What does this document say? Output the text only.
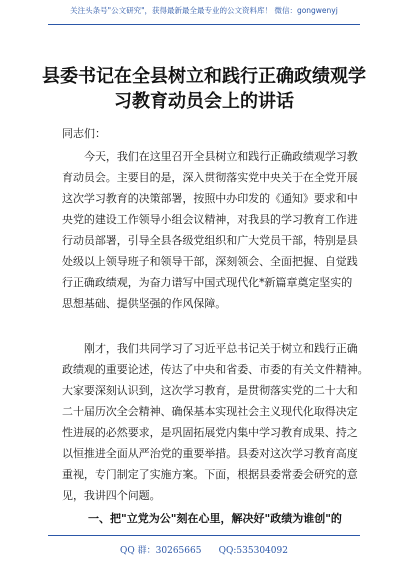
关注头条号"公文研究"，获得最新最全最专业的公文资料库！ 微信：gongwenyj
县委书记在全县树立和践行正确政绩观学
习教育动员会上的讲话
同志们：
今天，我们在这里召开全县树立和践行正确政绩观学习教
育动员会。主要目的是，深入贯彻落实党中央关于在全党开展
这次学习教育的决策部署，按照中办印发的《通知》要求和中
央党的建设工作领导小组会议精神，对我县的学习教育工作进
行动员部署，引导全县各级党组织和广大党员干部，特别是县
处级以上领导班子和领导干部，深刻领会、全面把握、自觉践
行正确政绩观，为奋力谱写中国式现代化*新篇章奠定坚实的
思想基础、提供坚强的作风保障。
刚才，我们共同学习了习近平总书记关于树立和践行正确
政绩观的重要论述，传达了中央和省委、市委的有关文件精神。
大家要深刻认识到，这次学习教育，是贯彻落实党的二十大和
二十届历次全会精神、确保基本实现社会主义现代化取得决定
性进展的必然要求，是巩固拓展党内集中学习教育成果、持之
以恒推进全面从严治党的重要举措。县委对这次学习教育高度
重视，专门制定了实施方案。下面，根据县委常委会研究的意
见，我讲四个问题。
一、把"立党为公"刻在心里，解决好"政绩为谁创"的
QQ 群：30265665      QQ:535304092
